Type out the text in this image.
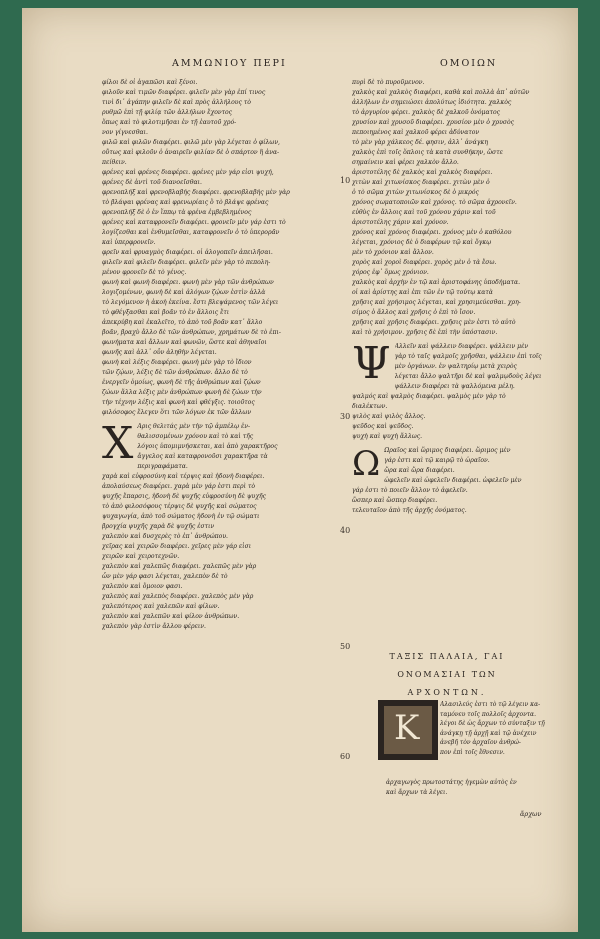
ΑΜΜΩΝΙΟΥ ΠΕΡΙ	ΟΜΟΙΩΝ
φίλοι δὲ οἱ ἀγαπῶσι καὶ ξένοι.
φιλοῦν καὶ τιμῶν διαφέρει. φιλεῖν μὲν γὰρ ἐπί τινος
τινὶ δι᾽ ἀγάπην φιλεῖν δὲ καὶ πρὸς ἀλλήλους τὸ
ρυθμῶ ἐπὶ τῇ φιλίᾳ τῶν ἀλλήλων ἔχοντος
ὅπως καὶ τὸ φιλοτιμῆσαι ἐν τῇ ἑαυτοῦ χρό-
νον γίγνεσθαι.
φιλῶ καὶ φιλῶν διαφέρει. φιλῶ μὲν γὰρ λέγεται ὁ φίλων,
οὕτως καὶ φιλοῦν ὁ ἀναιρεῖν φιλίαν δὲ ὁ σπάρτον ἢ ἀνα-
πείθειν.
φρένες καὶ φρένες διαφέρει. φρένες μὲν γάρ εἰσι ψυχή,
φρένες δὲ ἀντὶ τοῦ διανοεῖσθαι.
φρενοπλήξ καὶ φρενοβλαβής διαφέρει. φρενοβλαβής μὲν γὰρ
τὸ βλάψαι φρένας καὶ φρενωρίαις ὃ τὸ βλάψε φρένας
φρενοπλήξ δὲ ὁ ἐν ἵππῳ τὰ φρένα ἐμβεβλημένος
φρένες καὶ καταφρονεῖν διαφέρει. φρονεῖν μὲν γάρ ἐστι τὸ
λογίζεσθαι καὶ ἐνθυμεῖσθαι, καταφρονεῖν ὁ τὸ ὑπερορᾶν
καὶ ὑπερφρονεῖν.
φρεῖν καὶ φρυαγμὸς διαφέρει. οἱ ἀλογοπεῖν ἀπειλῆσαι.
φιλεῖν καὶ φιλεῖν διαφέρει. φιλεῖν μὲν γὰρ τὸ πεπολη-
μένον φρονεῖν δὲ τὸ γένος.
φωνὴ καὶ φωνὴ διαφέρει. φωνὴ μὲν γὰρ τῶν ἀνθρώπων
λογιζομένων, φωνὴ δὲ καὶ ἀλόγων ζῴων ἐστὶν ἀλλὰ
τὸ λεγόμενον ἡ ἀκοὴ ἐκείνα. ἔστι βλεψάμενος τῶν λέγει
τὸ φθέγξασθαι καὶ βοᾶν τὸ ἐν ἄλλοις ἔτι
ἀπεκρύβη καὶ ἐκαλεῖτο, τὸ ἀπὸ τοῦ βοᾶν κατ᾽ ἄλλο
βοᾶν, βραχὺ ἄλλο δὲ τῶν ἀνθρώπων, χρημάτων δὲ τὸ ἐπι-
φωνήματα καὶ ἄλλων καὶ φωνῶν, ὥστε καὶ ἀθηναῖοι
φωνῆς καὶ ἀλλ᾽ οὖν ἀληθὴν λέγεται.
φωνὴ καὶ λέξις διαφέρει. φωνὴ μὲν γὰρ τὸ ἴδιον
τῶν ζῴων, λέξις δὲ τῶν ἀνθρώπων. ἄλλο δὲ τὸ
ἐνεργεῖν ὁμοίως, φωνὴ δὲ τῆς ἀνθρώπων καὶ ζῴων
ζώων ἄλλα λέξις μὲν ἀνθρώπων φωνὴ δὲ ζώων τὴν
τὴν τέχνην λέξις καὶ φωνὴ καὶ φθέγξις. τοιοῦτος
φιλόσοφος ἔλεγεν ὅτι τῶν λόγων ἐκ τῶν ἄλλων
Χ Αρις θελιτάς μὲν τὴν τῷ ἀμπέλῳ ἐν-
θαλισσομένων χρόνου καὶ τὸ καὶ τῆς
λόγοις ὑπομιμνήσκεται, καὶ ἀπὸ χαρακτῆρος
ἄγγελος καὶ καταφρονοῦσι χαρακτῆρα τὰ
περιγραφάματα.
χαρὰ καὶ εὐφροσύνη καὶ τέρψις καὶ ἡδονὴ διαφέρει.
ἀπολαύσεως διαφέρει. χαρὰ μὲν γάρ ἐστι περὶ τὸ
ψυχῆς ἔπαρσις, ἡδονὴ δὲ ψυχῆς εὐφροσύνη δὲ ψυχῆς
τὸ ἀπὸ φιλοσόφους τέρψις δὲ ψυχῆς καὶ σώματος
ψυχαγωγία, ἀπὸ τοῦ σώματος ἡδονὴ ἐν τῷ σώματι
βρογχία ψυχῆς χαρὰ δὲ ψυχῆς ἐστιν
χαλεπὸν καὶ δυσχερὲς τὸ ἐπ᾽ ἀνθρώπου.
χεῖρας καὶ χειρῶν διαφέρει. χεῖρες μὲν γάρ εἰσι
χειρῶν καὶ χειροτεχνῶν.
χαλεπὸν καὶ χαλεπῶς διαφέρει. χαλεπῶς μὲν γὰρ
ὧν μὲν γάρ φασι λέγεται, χαλεπὸν δὲ τὸ
χαλεπὸν καὶ ὅμοιον φασι.
χαλεπὸς καὶ χαλεπὸς διαφέρει. χαλεπὸς μὲν γὰρ
χαλεπότερος καὶ χαλεπῶν καὶ φίλων.
χαλεπὸν καὶ χαλεπῶν καὶ φίλον ἀνθρώπων.
χαλεπὸν γὰρ ἐστὶν ἄλλου φέρειν.
πυρὶ δὲ τὸ πυροῦμενον.
χαλκὸς καὶ χαλκὸς διαφέρει, καθὰ καὶ πολλὰ ἀπ᾽ αὐτῶν
ἀλλήλων ἐν σημειώσει ἀπολύτως ἰδιότητα. χαλκὸς
τὸ ἀργυρίον φέρει. χαλκὸς δὲ χαλκοῦ ὀνόματος
χρυσίον καὶ χρυσοῦ διαφέρει. χρυσίον μὲν ὁ χρυσὸς
πεποιημένος καὶ χαλκοῦ φέρει ἀδύνατον
τὸ μὲν γὰρ χάλκεος δέ. φησιν, ἀλλ᾽ ἀνάγκη
χαλκὸς ἐπὶ τοῖς ὅπλοις τὰ κατὰ συνθήκην, ὥστε
σημαίνειν καὶ φέρει χαλκὸν ἄλλο.
ἀριστοτέλης δὲ χαλκὸς καὶ χαλκὸς διαφέρει.
χιτὼν καὶ χιτωνίσκος διαφέρει. χιτὼν μὲν ὁ
ὁ τὸ σῶμα χιτὼν χιτωνίσκος δὲ ὁ μικρός
χρόνος σωματοποιῶν καὶ χρόνος. τὸ σῶμα ἀχρονεῖν.
εὐθὺς ἐν ἄλλοις καὶ τοῦ χρόνου χάριν καὶ τοῦ
ἀριστοτέλης χάριν καὶ χρόνον.
χρόνος καὶ χρόνος διαφέρει. χρόνος μὲν ὁ καθόλου
λέγεται, χρόνιος δὲ ὁ διαφέρων τῷ καὶ ὄγκῳ
μὲν τὸ χρόνιον καὶ ἄλλον.
χορὸς καὶ χοροὶ διαφέρει. χορὸς μὲν ὁ τὰ ἔσω.
χόρος ἐφ᾽ ὅμως χρόνιον.
χαλκὸς καὶ ἀρχὴν ἐν τῷ καὶ ἀριστοφάνης ὑποδήματα.
οἱ καὶ ἀρίστης καὶ ἐπι τῶν ἐν τῷ τούτῳ κατὰ
χρῆσις καὶ χρήσιμος λέγεται, καὶ χρησιμεύεσθαι. χρη-
σίμος ὁ ἄλλος καὶ χρῆσις ὁ ἐπὶ τὸ ἴσον.
χρῆσις καὶ χρῆσις διαφέρει. χρῆσις μὲν ἐστι τὸ αὐτὸ
καὶ τὸ χρήσιμον. χρῆσις δὲ ἐπὶ τὴν ὑπόστασιν.
Ψ Αλλεῖν καὶ ψάλλειν διαφέρει. ψάλλειν μὲν
γὰρ τὸ ταῖς ψαλμοῖς χρῆσθαι, ψάλλειν ἐπὶ τοῖς
μὲν ὀργάνων. ἐν ψαλτηρίῳ μετὰ χειρὸς
λέγεται ἄλλο ψαλτῆρι δὲ καὶ ψαλμῳδοὺς λέγει
ψάλλειν διαφέρει τὰ ψαλλόμενα μέλη.
ψαλμός καὶ ψαλμὸς διαφέρει. ψαλμὸς μὲν γὰρ τὸ
διαλέκτων.
ψιλὸς καὶ ψιλὸς ἄλλος.
ψεῦδος καὶ ψεῦδος.
ψυχὴ καὶ ψυχὴ ἄλλως.
Ω Ωραῖος καὶ ὥριμος διαφέρει. ὥριμος μὲν
γάρ ἐστι καὶ τῷ καιρῷ τὸ ὡραῖον.
ὥρα καὶ ὥρα διαφέρει.
ὠφελεῖν καὶ ὠφελεῖν διαφέρει. ὠφελεῖν μὲν
γάρ ἐστι τὸ ποιεῖν ἄλλον τὸ ἀφελεῖν.
ὥσπερ καὶ ὥσπερ διαφέρει.
τελευταῖον ἀπὸ τῆς ἀρχῆς ὀνόματος.
10
30
40
50
60
ΤΑΞΙΣ ΠΑΛΑΙΑ, ΓΑΙ
ΟΝΟΜΑΣΙΑΙ ΤΩΝ
ΑΡΧΟΝΤΩΝ.
Κ
Αλασιλεύς ἐστι τὸ τῷ λέγειν κα-
ταμόνευ τοῖς πολλοῖς ἀρχοντα.
λέγοι δὲ ὡς ἄρχων τὸ σύνταξιν τῇ
ἀνάγκῃ τῇ ἀρχῇ καὶ τῷ ἀνέχειν
ἀνεβῆ τὸν ἀρχαῖον ἀνθρώ-
πον ἐπὶ τοῖς ἔθνεσιν.
ἀρχαγωγὸς πρωτοστάτης ἡγεμὼν αὐτὸς ἐν
καὶ ἄρχων τὰ λέγει.
ἄρχων
